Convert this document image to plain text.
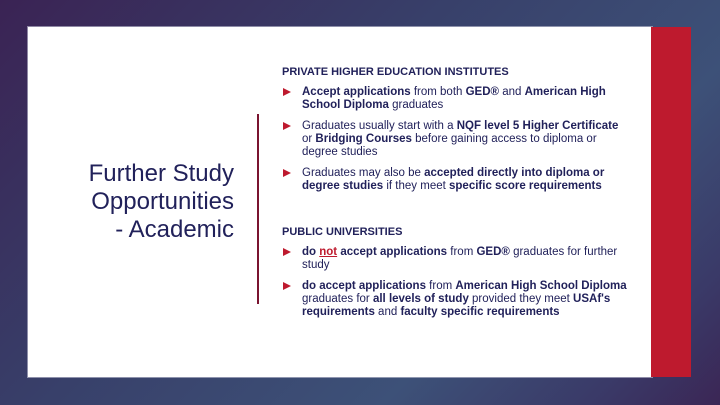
Further Study
Opportunities
- Academic
PRIVATE HIGHER EDUCATION INSTITUTES
Accept applications from both GED® and American High School Diploma graduates
Graduates usually start with a NQF level 5 Higher Certificate or Bridging Courses before gaining access to diploma or degree studies
Graduates may also be accepted directly into diploma or degree studies if they meet specific score requirements
PUBLIC UNIVERSITIES
do not accept applications from GED® graduates for further study
do accept applications from American High School Diploma graduates for all levels of study provided they meet USAf's requirements and faculty specific requirements
